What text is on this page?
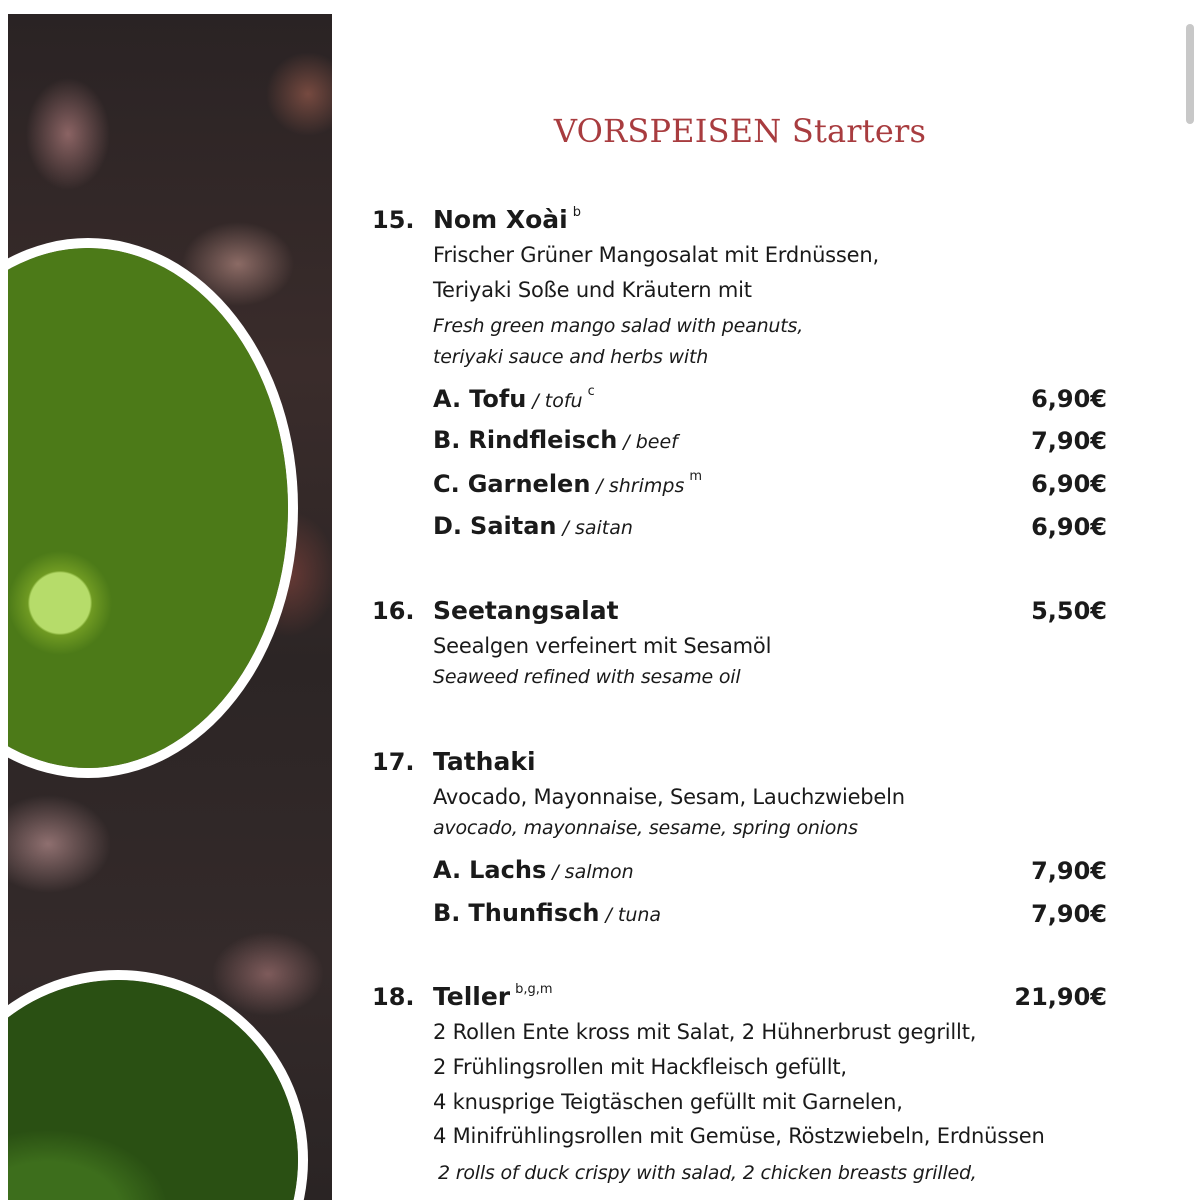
VORSPEISEN Starters
15. Nom Xoài $^b$
Frischer Grüner Mangosalat mit Erdnüssen,
Teriyaki Soße und Kräutern mit
Fresh green mango salad with peanuts,
teriyaki sauce and herbs with
A. Tofu / tofu $^c$	6,90€
B. Rindfleisch / beef	7,90€
C. Garnelen / shrimps $^m$	6,90€
D. Saitan / saitan	6,90€
16. Seetangsalat	5,50€
Seealgen verfeinert mit Sesamöl
Seaweed refined with sesame oil
17. Tathaki
Avocado, Mayonnaise, Sesam, Lauchzwiebeln
avocado, mayonnaise, sesame, spring onions
A. Lachs / salmon	7,90€
B. Thunfisch / tuna	7,90€
18. Teller $^{b,g,m}$	21,90€
2 Rollen Ente kross mit Salat, 2 Hühnerbrust gegrillt,
2 Frühlingsrollen mit Hackfleisch gefüllt,
4 knusprige Teigtäschen gefüllt mit Garnelen,
4 Minifrühlingsrollen mit Gemüse, Röstzwiebeln, Erdnüssen
2 rolls of duck crispy with salad, 2 chicken breasts grilled,
